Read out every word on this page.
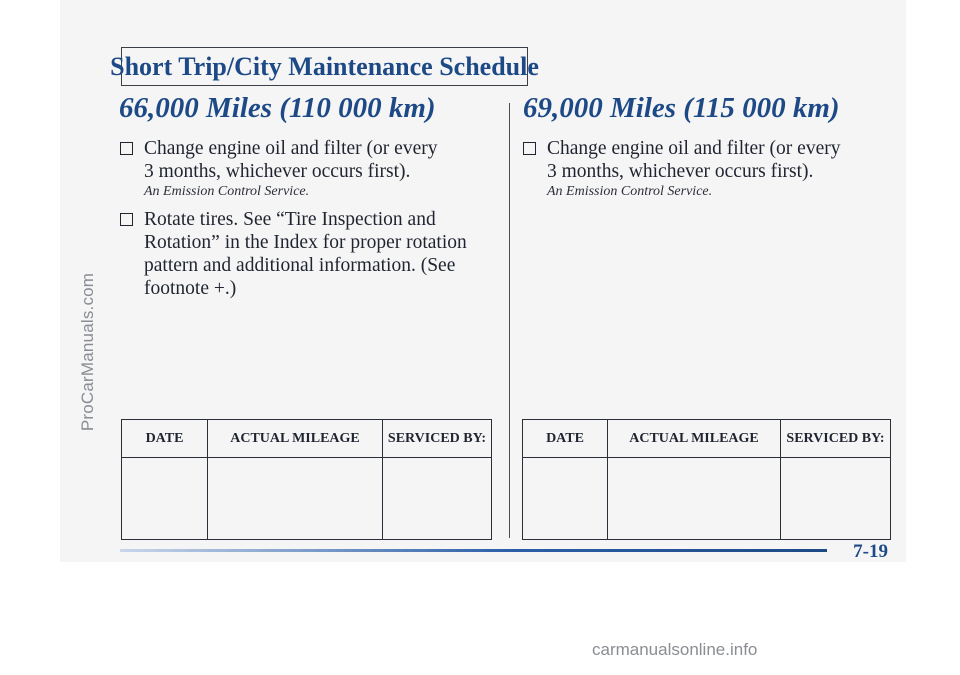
ProCarManuals.com
Short Trip/City Maintenance Schedule
66,000 Miles (110 000 km)
Change engine oil and filter (or every 3 months, whichever occurs first).
An Emission Control Service.
Rotate tires. See “Tire Inspection and Rotation” in the Index for proper rotation pattern and additional information. (See footnote +.)
DATE	ACTUAL MILEAGE	SERVICED BY:

69,000 Miles (115 000 km)
Change engine oil and filter (or every 3 months, whichever occurs first).
An Emission Control Service.
DATE	ACTUAL MILEAGE	SERVICED BY:

7-19
carmanualsonline.info
